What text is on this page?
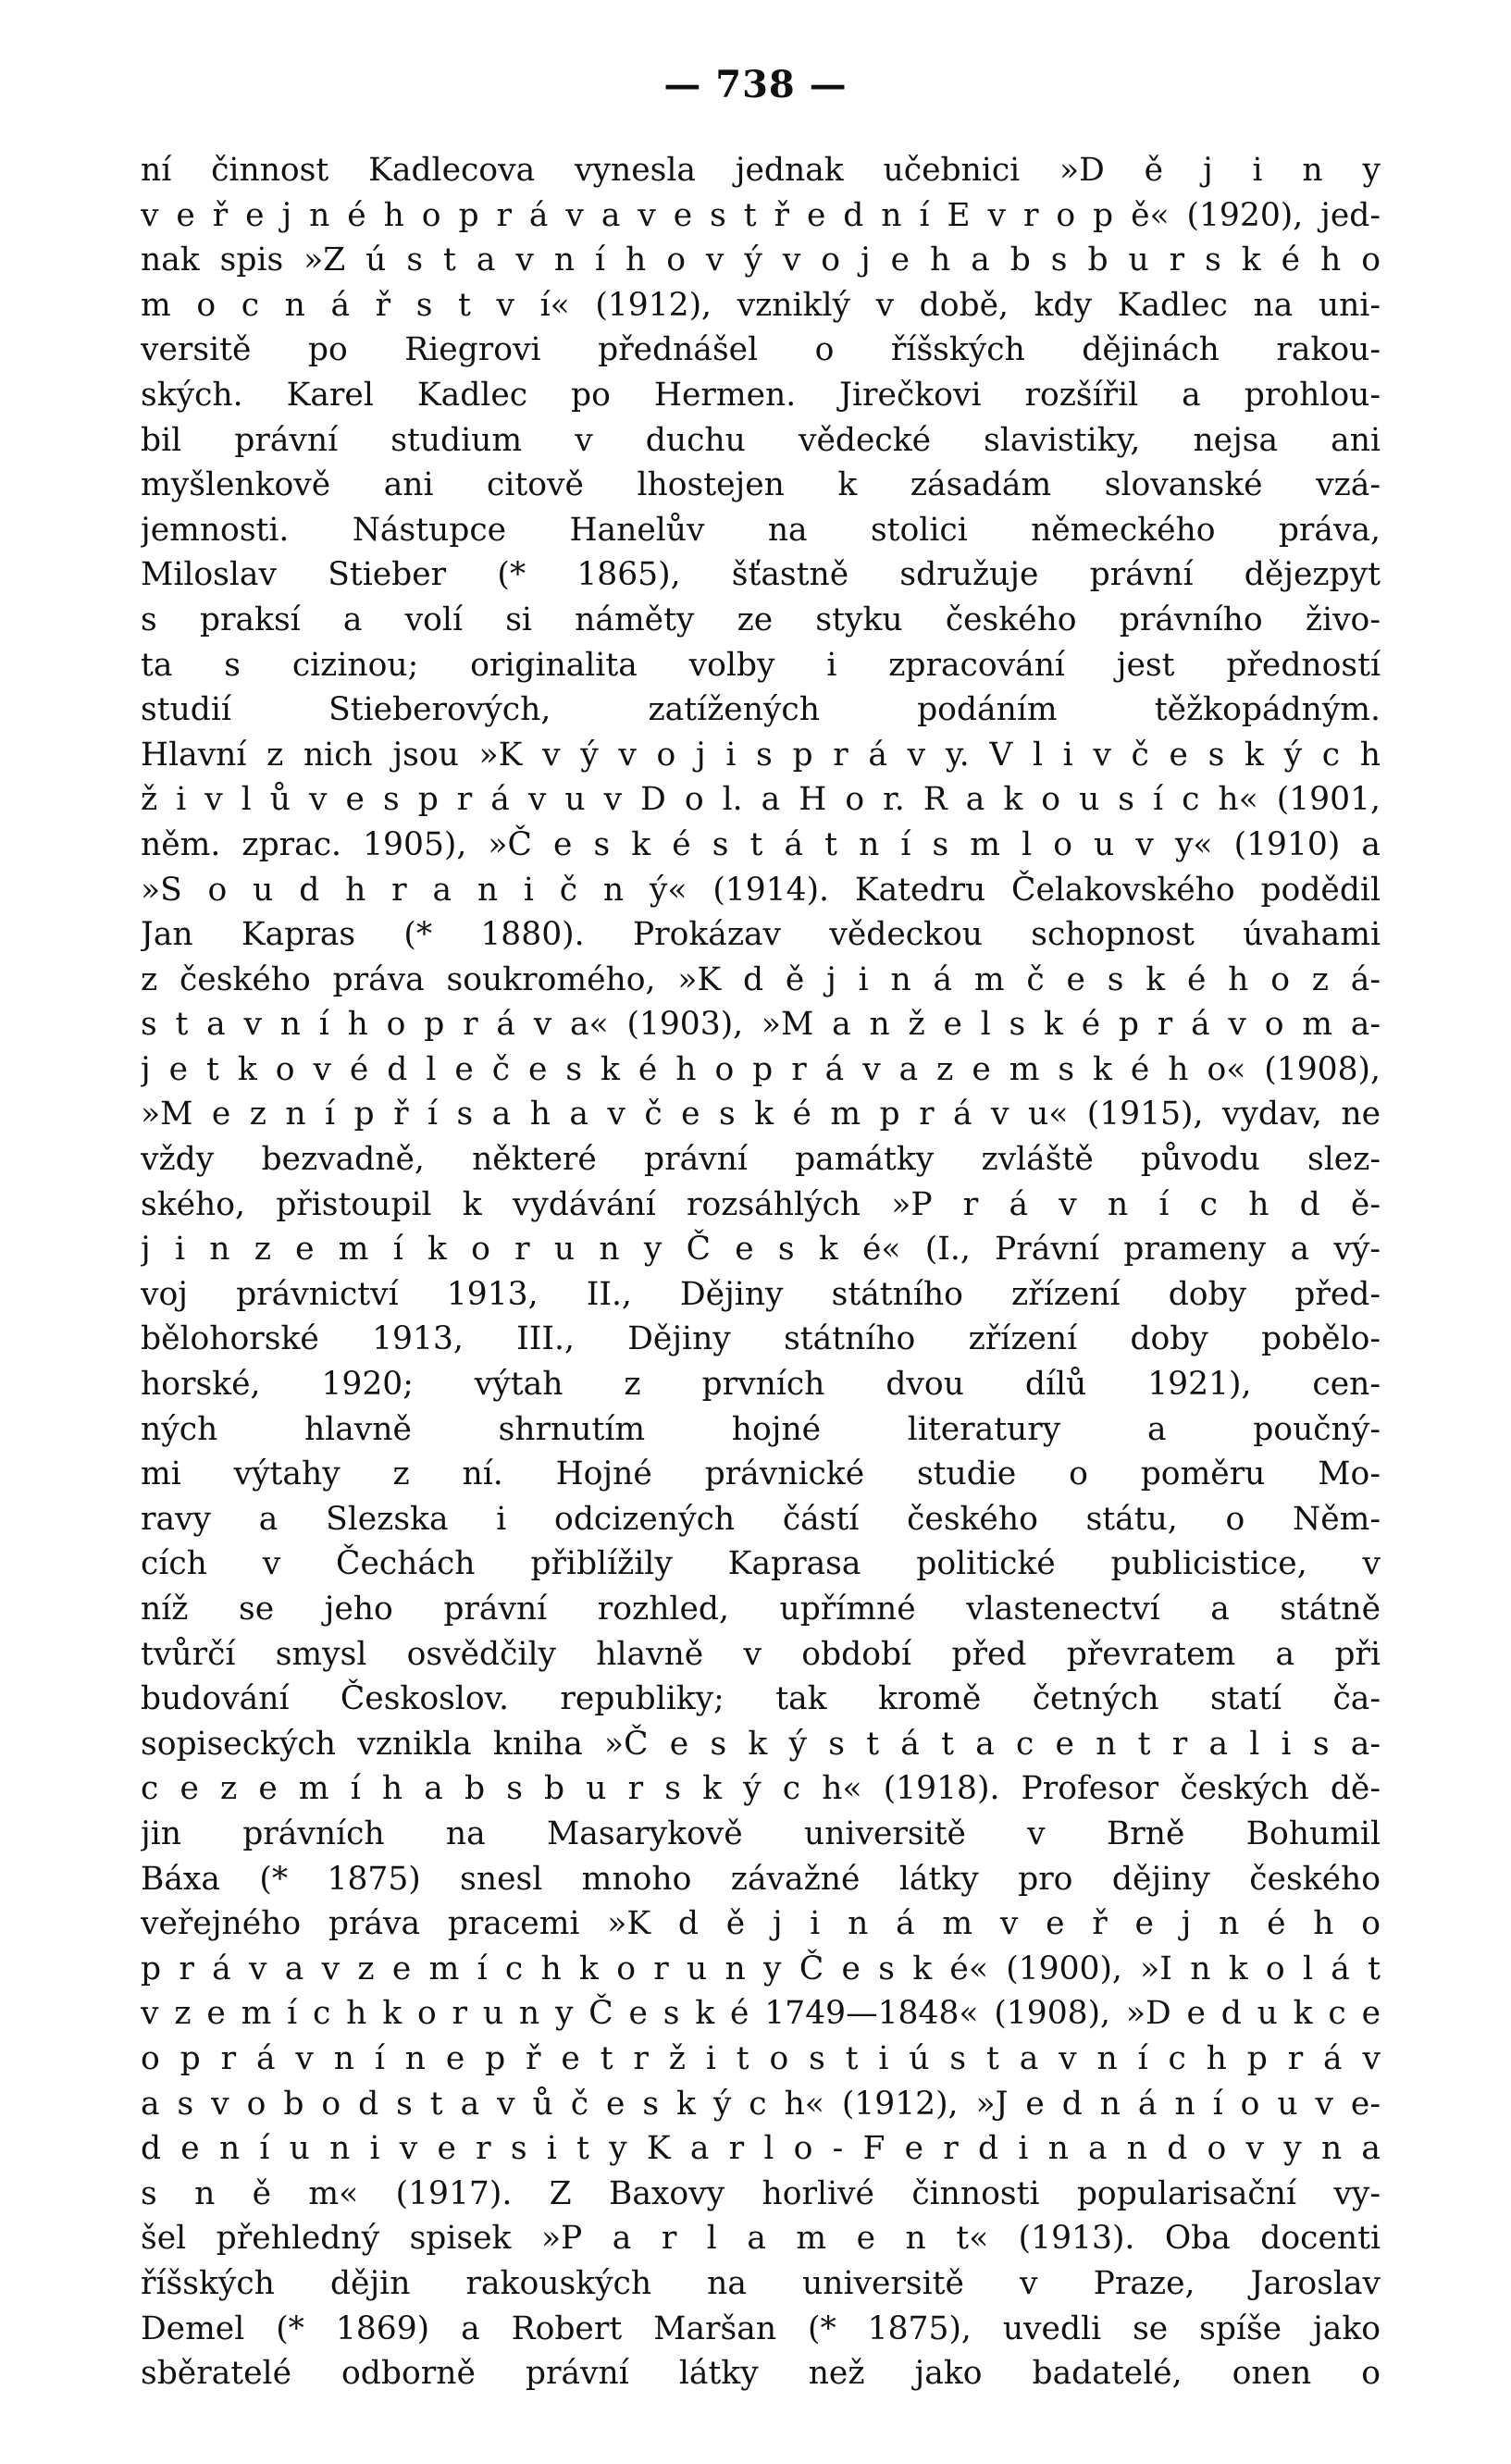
— 738 —
ní činnost Kadlecova vynesla jednak učebnici »D ě j i n y
v e ř e j n é h o p r á v a v e s t ř e d n í E v r o p ě« (1920), jed-
nak spis »Z ú s t a v n í h o v ý v o j e h a b s b u r s k é h o
m o c n á ř s t v í« (1912), vzniklý v době, kdy Kadlec na uni-
versitě po Riegrovi přednášel o říšských dějinách rakou-
ských. Karel Kadlec po Hermen. Jirečkovi rozšířil a prohlou-
bil právní studium v duchu vědecké slavistiky, nejsa ani
myšlenkově ani citově lhostejen k zásadám slovanské vzá-
jemnosti. Nástupce Hanelův na stolici německého práva,
Miloslav Stieber (* 1865), šťastně sdružuje právní dějezpyt
s praksí a volí si náměty ze styku českého právního živo-
ta s cizinou; originalita volby i zpracování jest předností
studií Stieberových, zatížených podáním těžkopádným.
Hlavní z nich jsou »K v ý v o j i s p r á v y. V l i v č e s k ý c h
ž i v l ů v e s p r á v u v D o l. a H o r. R a k o u s í c h« (1901,
něm. zprac. 1905), »Č e s k é s t á t n í s m l o u v y« (1910) a
»S o u d h r a n i č n ý« (1914). Katedru Čelakovského podědil
Jan Kapras (* 1880). Prokázav vědeckou schopnost úvahami
z českého práva soukromého, »K d ě j i n á m č e s k é h o z á-
s t a v n í h o p r á v a« (1903), »M a n ž e l s k é p r á v o m a-
j e t k o v é d l e č e s k é h o p r á v a z e m s k é h o« (1908),
»M e z n í p ř í s a h a v č e s k é m p r á v u« (1915), vydav, ne
vždy bezvadně, některé právní památky zvláště původu slez-
ského, přistoupil k vydávání rozsáhlých »P r á v n í c h d ě-
j i n z e m í k o r u n y Č e s k é« (I., Právní prameny a vý-
voj právnictví 1913, II., Dějiny státního zřízení doby před-
bělohorské 1913, III., Dějiny státního zřízení doby pobělo-
horské, 1920; výtah z prvních dvou dílů 1921), cen-
ných hlavně shrnutím hojné literatury a poučný-
mi výtahy z ní. Hojné právnické studie o poměru Mo-
ravy a Slezska i odcizených částí českého státu, o Něm-
cích v Čechách přiblížily Kaprasa politické publicistice, v
níž se jeho právní rozhled, upřímné vlastenectví a státně
tvůrčí smysl osvědčily hlavně v období před převratem a při
budování Českoslov. republiky; tak kromě četných statí ča-
sopiseckých vznikla kniha »Č e s k ý s t á t a c e n t r a l i s a-
c e z e m í h a b s b u r s k ý c h« (1918). Profesor českých dě-
jin právních na Masarykově universitě v Brně Bohumil
Báxa (* 1875) snesl mnoho závažné látky pro dějiny českého
veřejného práva pracemi »K d ě j i n á m v e ř e j n é h o
p r á v a v z e m í c h k o r u n y Č e s k é« (1900), »I n k o l á t
v z e m í c h k o r u n y Č e s k é 1749—1848« (1908), »D e d u k c e
o p r á v n í n e p ř e t r ž i t o s t i ú s t a v n í c h p r á v
a s v o b o d s t a v ů č e s k ý c h« (1912), »J e d n á n í o u v e-
d e n í u n i v e r s i t y K a r l o - F e r d i n a n d o v y n a
s n ě m« (1917). Z Baxovy horlivé činnosti popularisační vy-
šel přehledný spisek »P a r l a m e n t« (1913). Oba docenti
říšských dějin rakouských na universitě v Praze, Jaroslav
Demel (* 1869) a Robert Maršan (* 1875), uvedli se spíše jako
sběratelé odborně právní látky než jako badatelé, onen o
